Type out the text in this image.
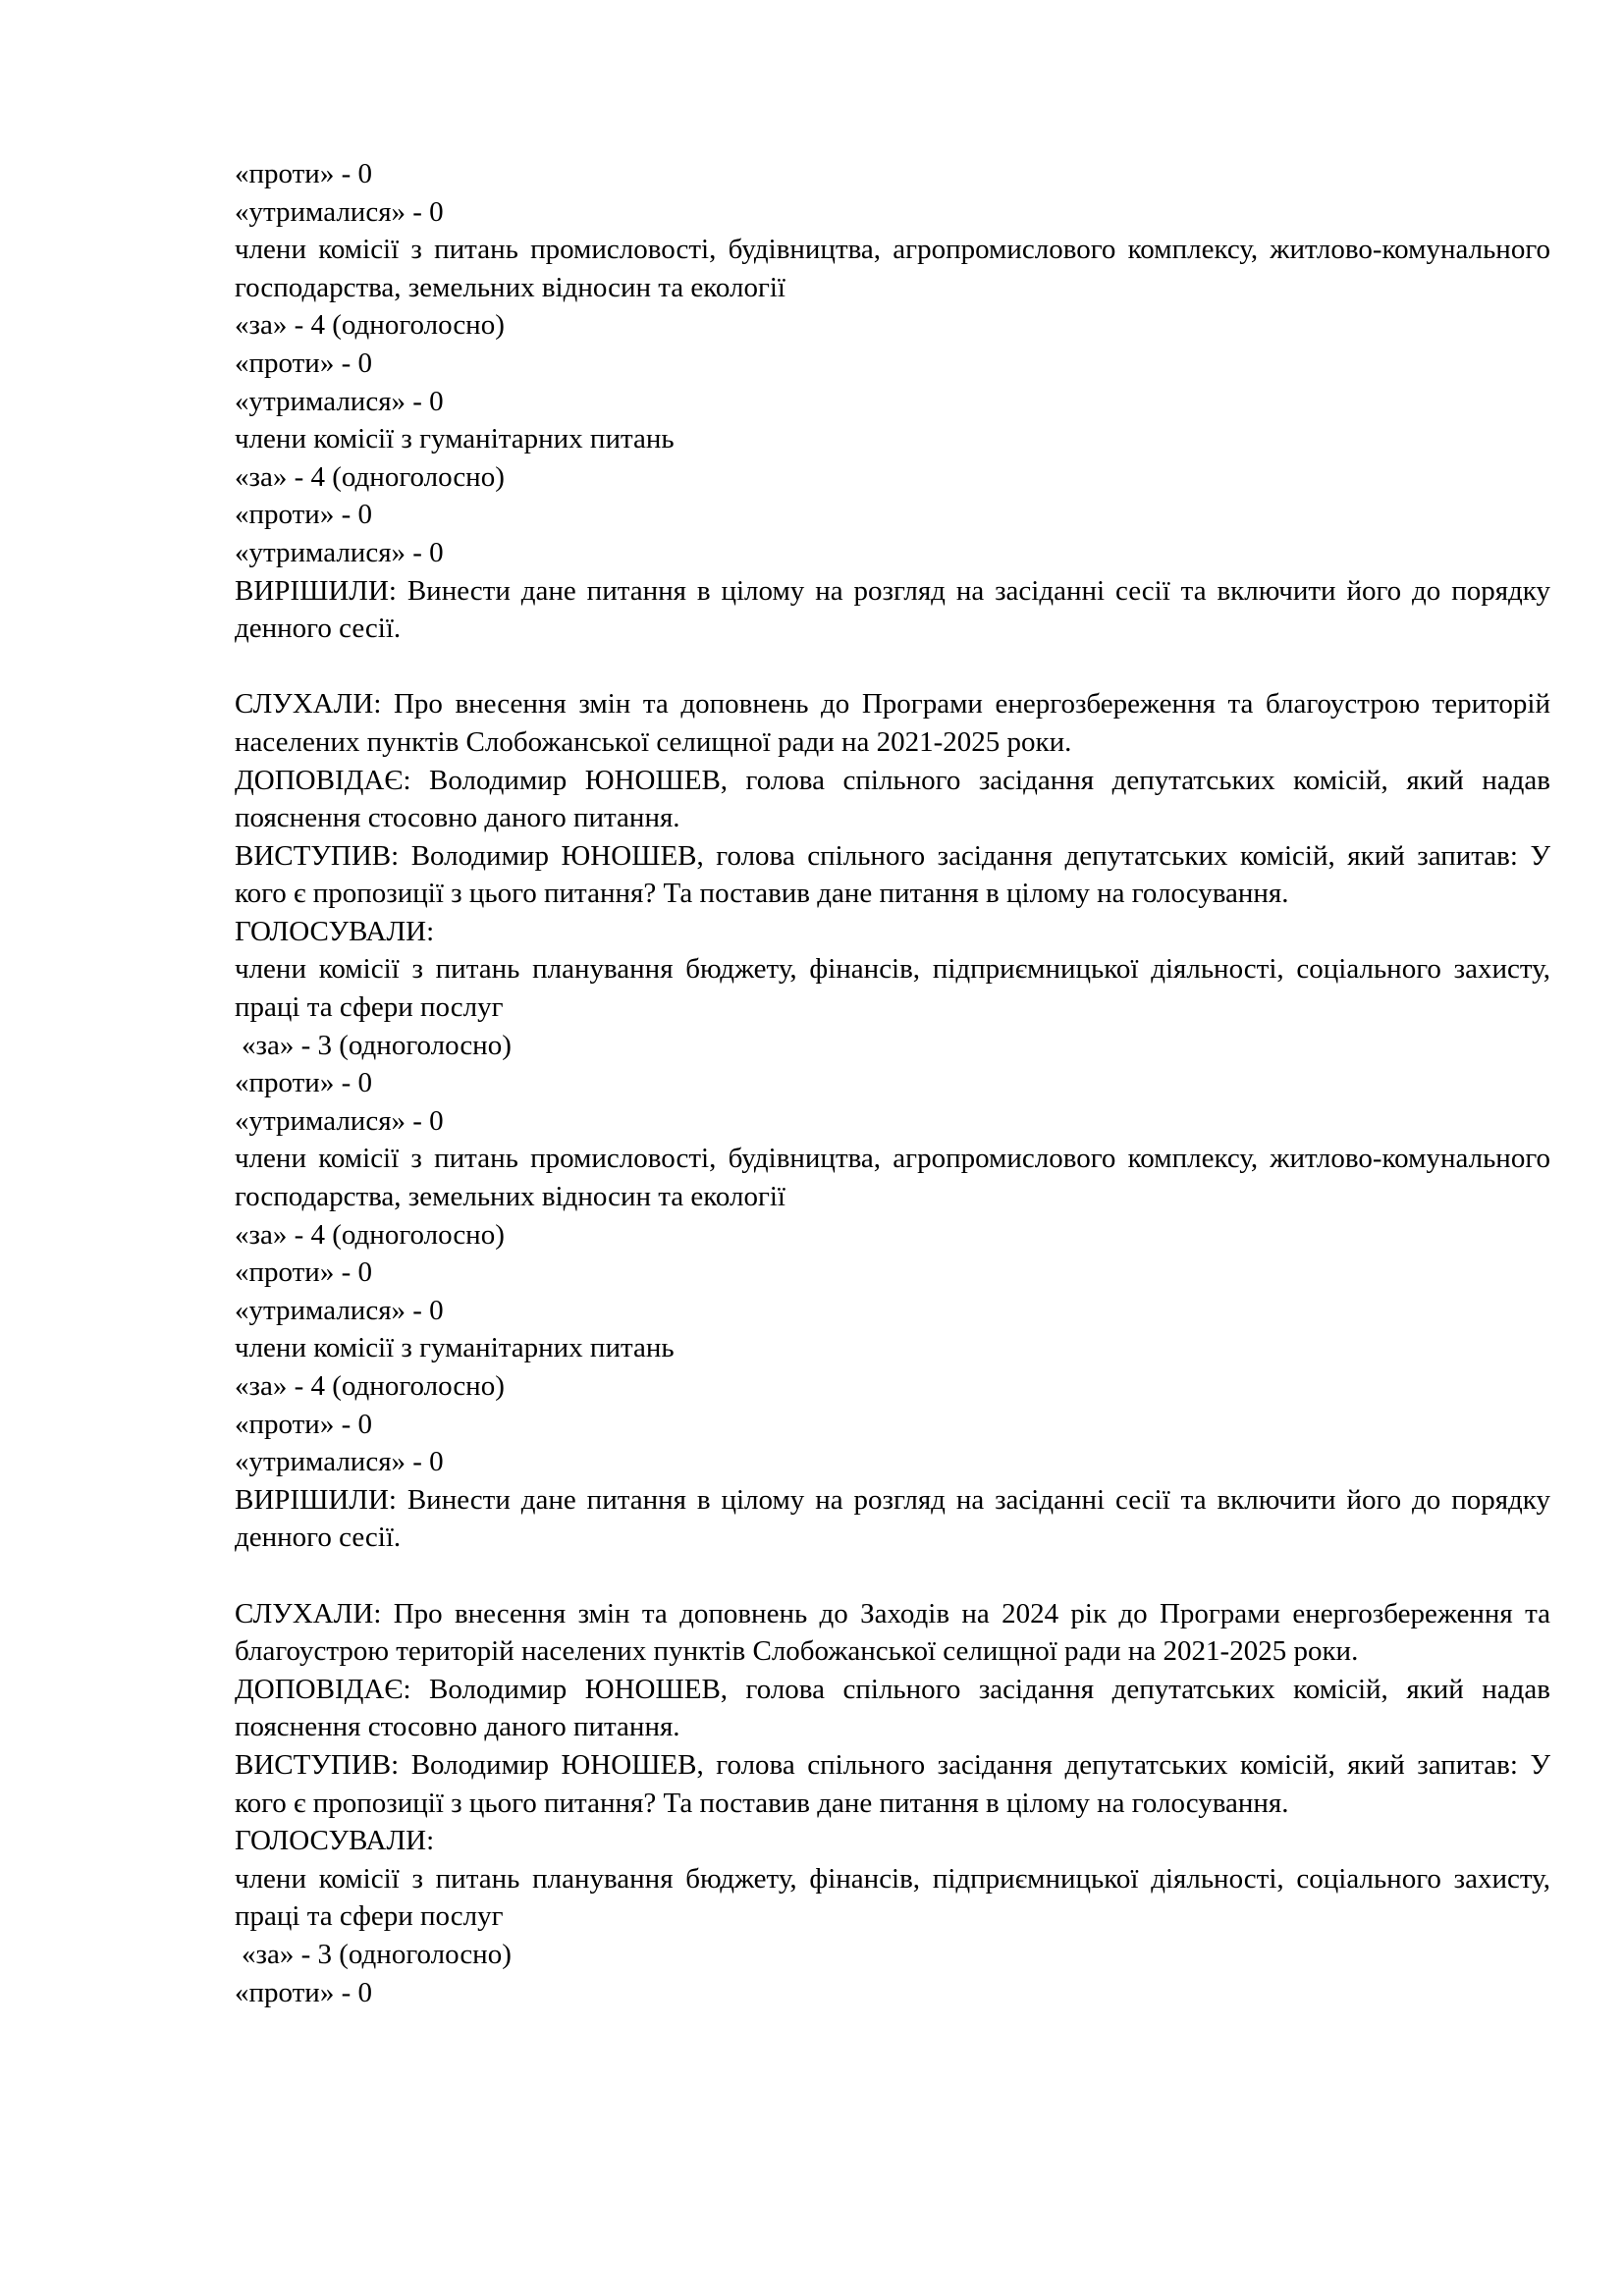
«проти» - 0
«утрималися» - 0
члени комісії з питань промисловості, будівництва, агропромислового комплексу, житлово-комунального господарства, земельних відносин та екології
«за» - 4 (одноголосно)
«проти» - 0
«утрималися» - 0
члени комісії з гуманітарних питань
«за» - 4 (одноголосно)
«проти» - 0
«утрималися» - 0
ВИРІШИЛИ: Винести дане питання в цілому на розгляд на засіданні сесії та включити його до порядку денного сесії.
СЛУХАЛИ: Про внесення змін та доповнень до Програми енергозбереження та благоустрою територій населених пунктів Слобожанської селищної ради на 2021-2025 роки.
ДОПОВІДАЄ: Володимир ЮНОШЕВ, голова спільного засідання депутатських комісій, який надав пояснення стосовно даного питання.
ВИСТУПИВ: Володимир ЮНОШЕВ, голова спільного засідання депутатських комісій, який запитав: У кого є пропозиції з цього питання? Та поставив дане питання в цілому на голосування.
ГОЛОСУВАЛИ:
члени комісії з питань планування бюджету, фінансів, підприємницької діяльності, соціального захисту, праці та сфери послуг
«за» - 3 (одноголосно)
«проти» - 0
«утрималися» - 0
члени комісії з питань промисловості, будівництва, агропромислового комплексу, житлово-комунального господарства, земельних відносин та екології
«за» - 4 (одноголосно)
«проти» - 0
«утрималися» - 0
члени комісії з гуманітарних питань
«за» - 4 (одноголосно)
«проти» - 0
«утрималися» - 0
ВИРІШИЛИ: Винести дане питання в цілому на розгляд на засіданні сесії та включити його до порядку денного сесії.
СЛУХАЛИ: Про внесення змін та доповнень до Заходів на 2024 рік до Програми енергозбереження та благоустрою територій населених пунктів Слобожанської селищної ради на 2021-2025 роки.
ДОПОВІДАЄ: Володимир ЮНОШЕВ, голова спільного засідання депутатських комісій, який надав пояснення стосовно даного питання.
ВИСТУПИВ: Володимир ЮНОШЕВ, голова спільного засідання депутатських комісій, який запитав: У кого є пропозиції з цього питання? Та поставив дане питання в цілому на голосування.
ГОЛОСУВАЛИ:
члени комісії з питань планування бюджету, фінансів, підприємницької діяльності, соціального захисту, праці та сфери послуг
«за» - 3 (одноголосно)
«проти» - 0
